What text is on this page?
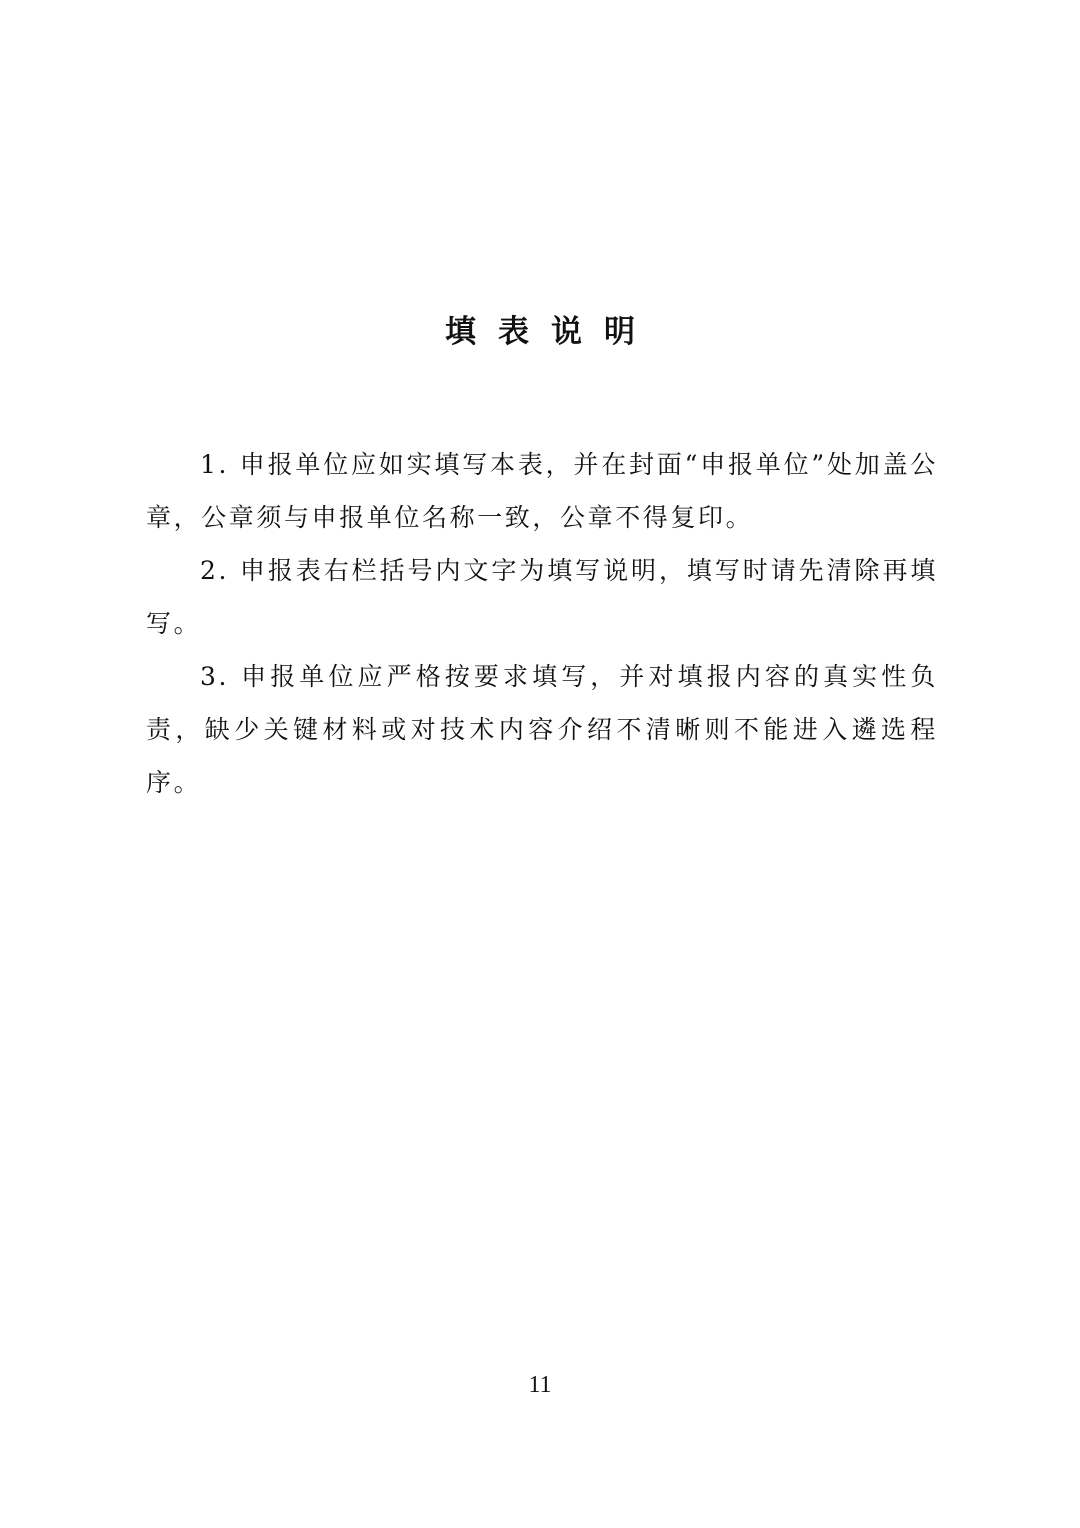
填表说明

1. 申报单位应如实填写本表，并在封面“申报单位”处加盖公章，公章须与申报单位名称一致，公章不得复印。

2. 申报表右栏括号内文字为填写说明，填写时请先清除再填写。

3. 申报单位应严格按要求填写，并对填报内容的真实性负责，缺少关键材料或对技术内容介绍不清晰则不能进入遴选程序。

11
